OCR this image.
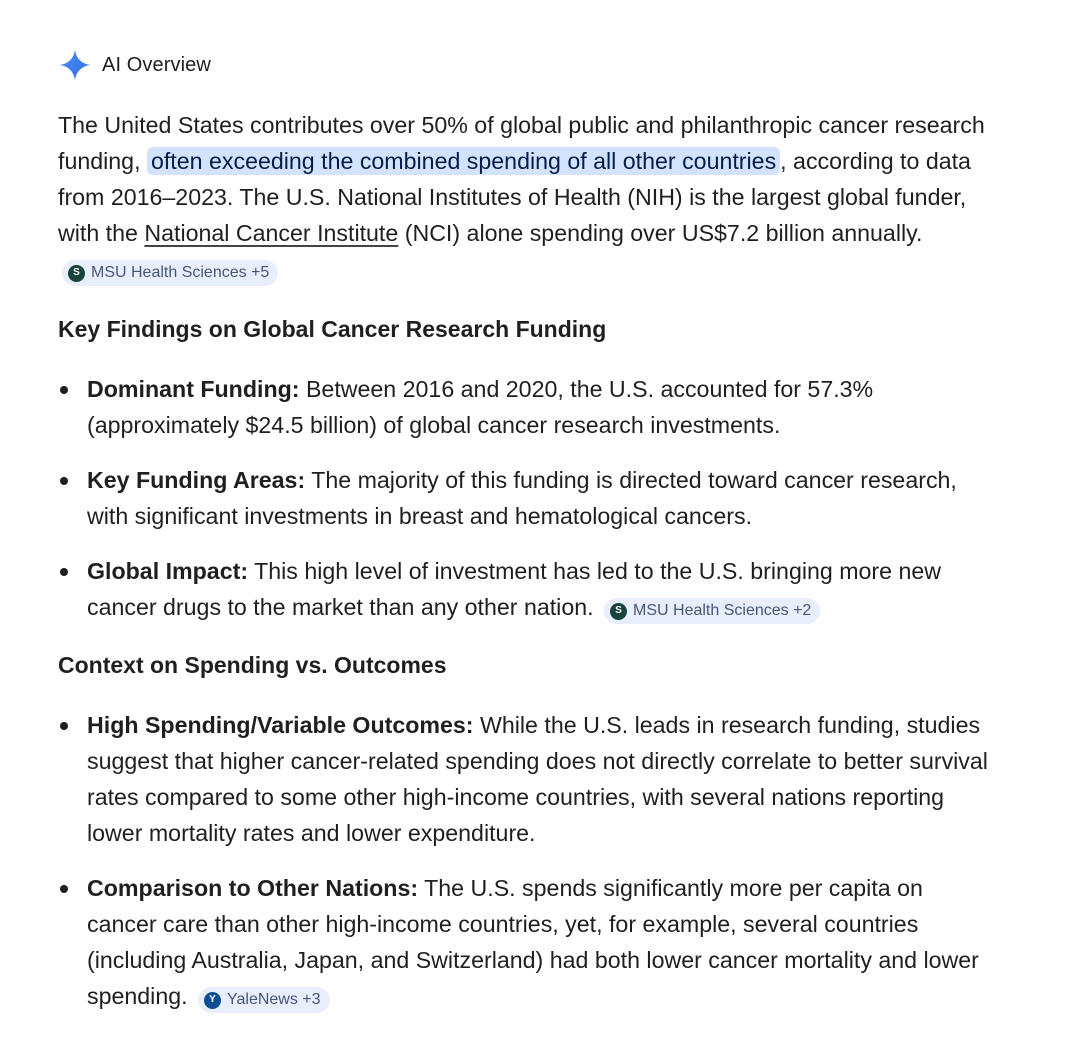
AI Overview

The United States contributes over 50% of global public and philanthropic cancer research funding, often exceeding the combined spending of all other countries , according to data from 2016–2023. The U.S. National Institutes of Health (NIH) is the largest global funder, with the National Cancer Institute (NCI) alone spending over US$7.2 billion annually.
S MSU Health Sciences +5

Key Findings on Global Cancer Research Funding
Dominant Funding: Between 2016 and 2020, the U.S. accounted for 57.3% (approximately $24.5 billion) of global cancer research investments.
Key Funding Areas: The majority of this funding is directed toward cancer research, with significant investments in breast and hematological cancers.
Global Impact: This high level of investment has led to the U.S. bringing more new cancer drugs to the market than any other nation.	S MSU Health Sciences +2
Context on Spending vs. Outcomes
High Spending/Variable Outcomes: While the U.S. leads in research funding, studies suggest that higher cancer-related spending does not directly correlate to better survival rates compared to some other high-income countries, with several nations reporting lower mortality rates and lower expenditure.
Comparison to Other Nations: The U.S. spends significantly more per capita on cancer care than other high-income countries, yet, for example, several countries (including Australia, Japan, and Switzerland) had both lower cancer mortality and lower spending.	Y YaleNews +3
